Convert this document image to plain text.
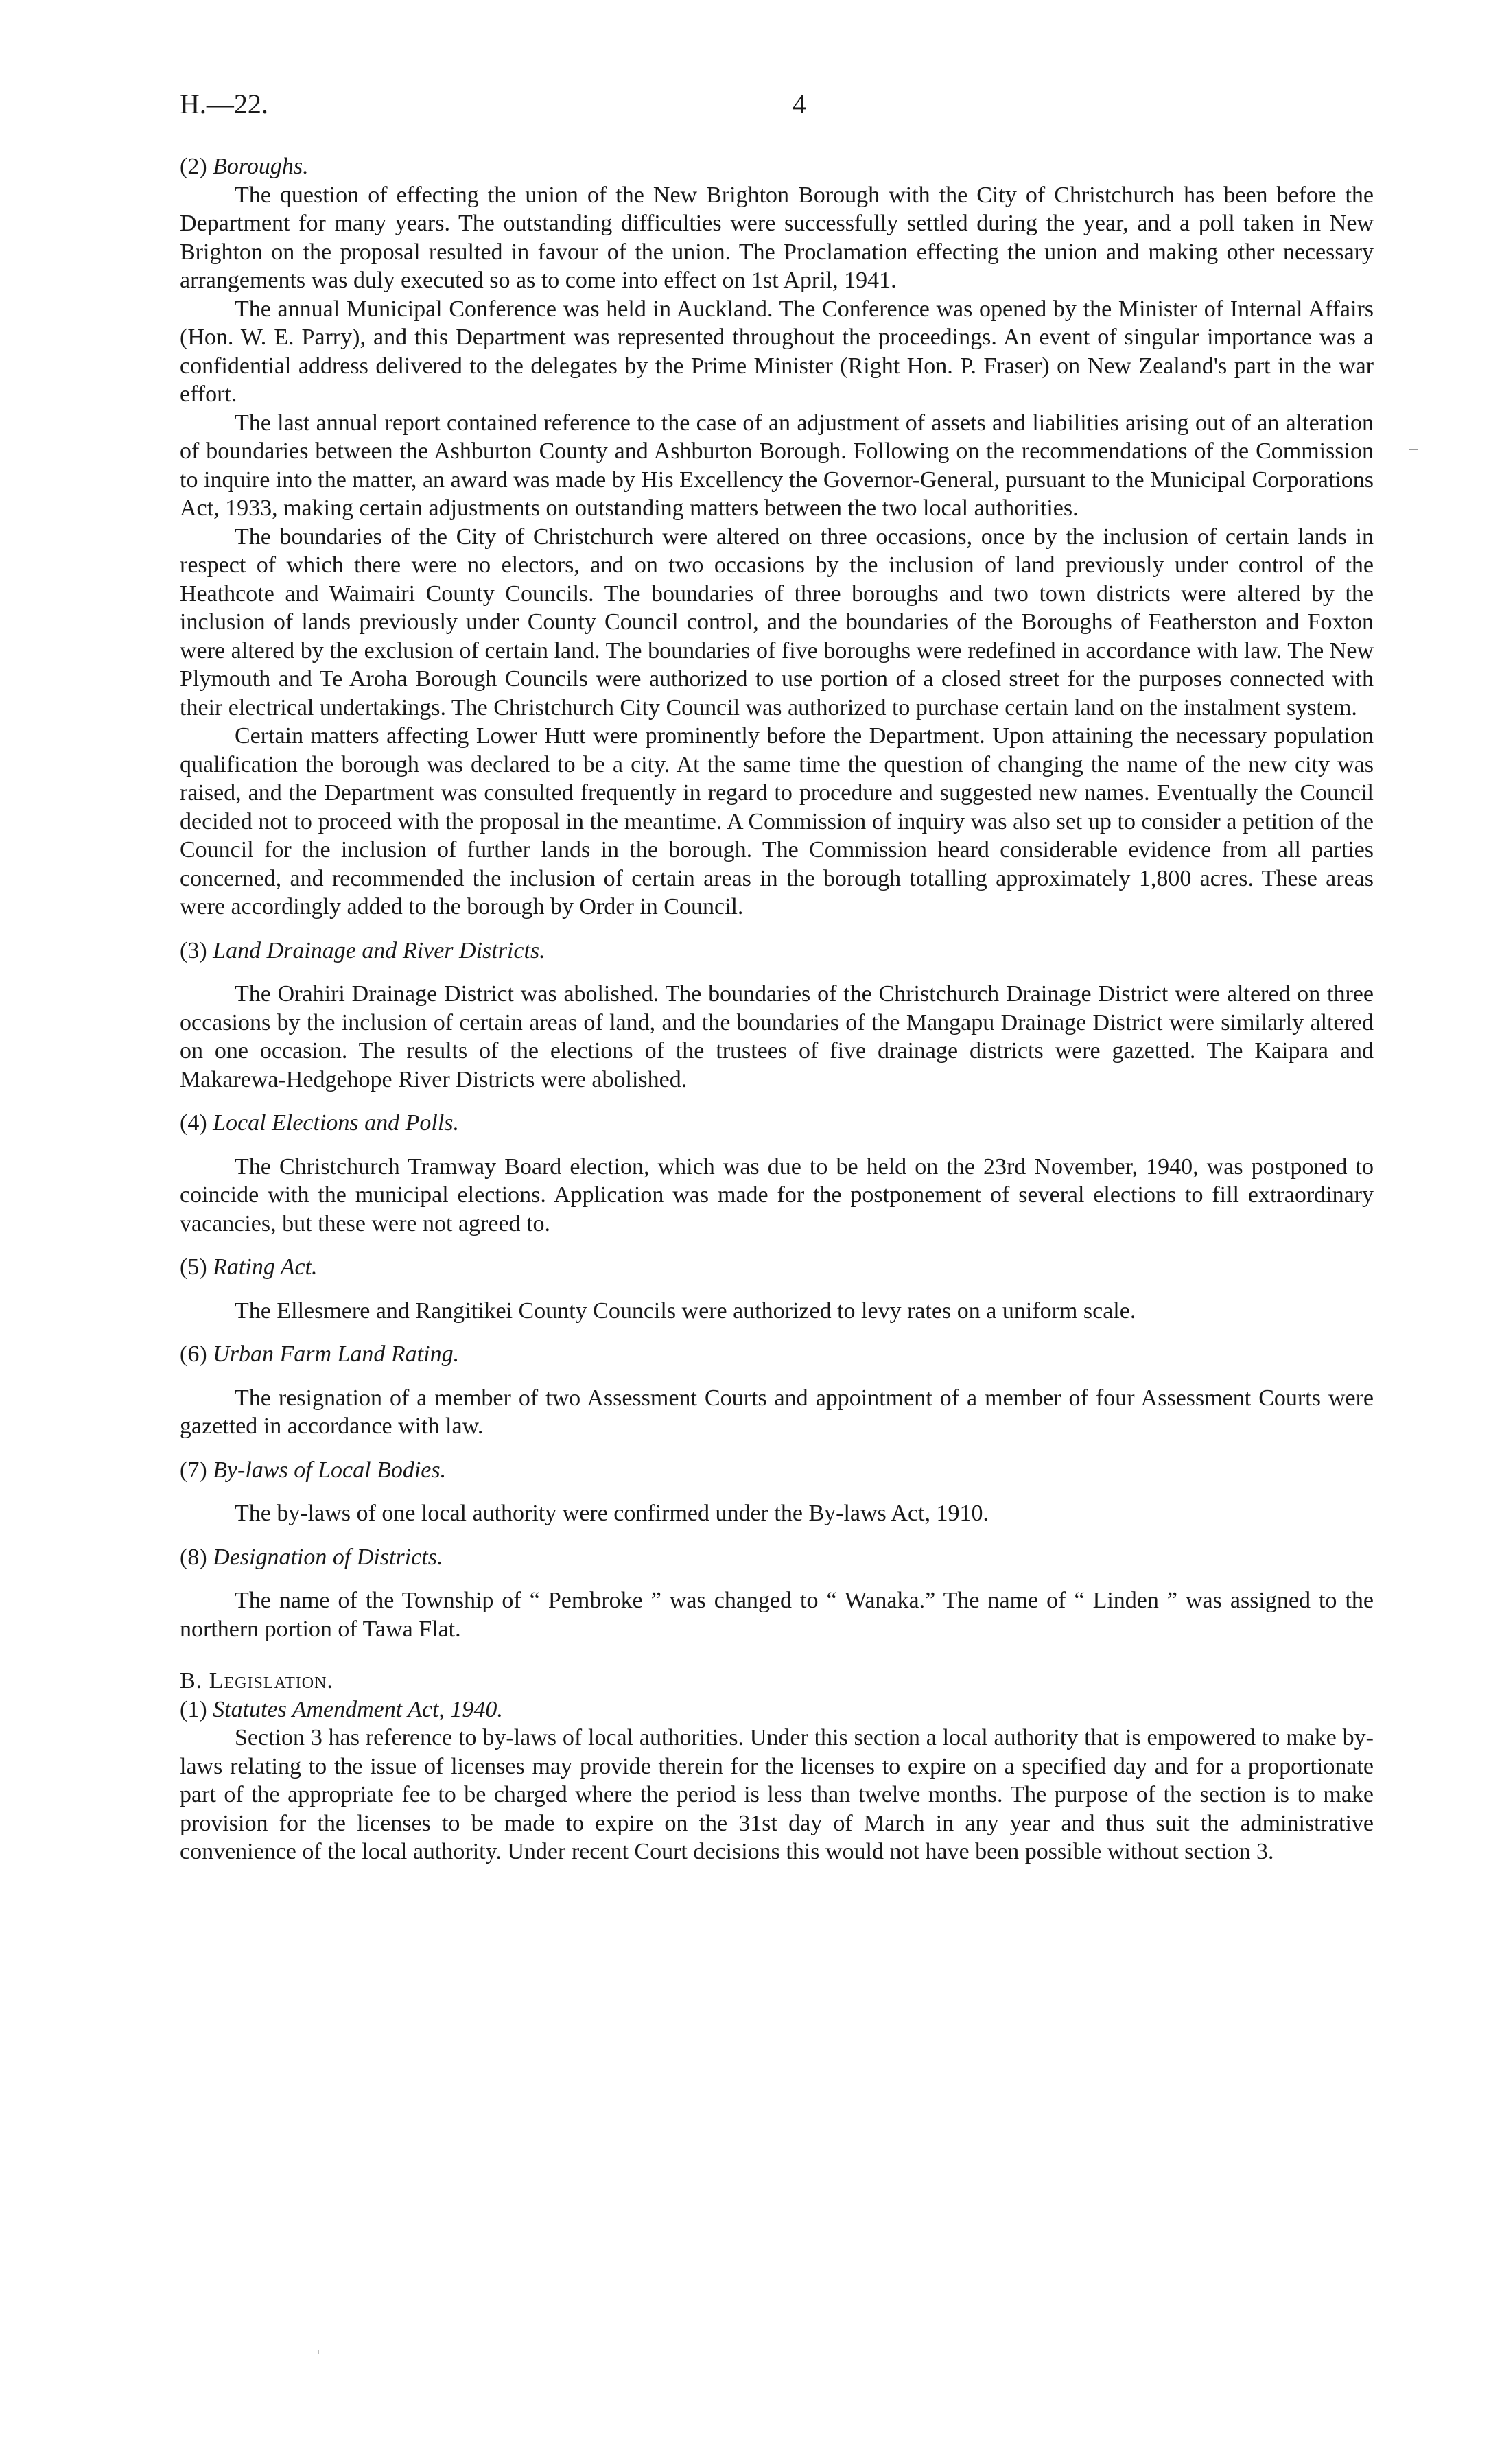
H.—22.	4
(2) Boroughs.

The question of effecting the union of the New Brighton Borough with the City of Christchurch has been before the Department for many years. The outstanding difficulties were successfully settled during the year, and a poll taken in New Brighton on the proposal resulted in favour of the union. The Proclamation effecting the union and making other necessary arrangements was duly executed so as to come into effect on 1st April, 1941.

The annual Municipal Conference was held in Auckland. The Conference was opened by the Minister of Internal Affairs (Hon. W. E. Parry), and this Department was represented throughout the proceedings. An event of singular importance was a confidential address delivered to the delegates by the Prime Minister (Right Hon. P. Fraser) on New Zealand's part in the war effort.

The last annual report contained reference to the case of an adjustment of assets and liabilities arising out of an alteration of boundaries between the Ashburton County and Ashburton Borough. Following on the recommendations of the Commission to inquire into the matter, an award was made by His Excellency the Governor-General, pursuant to the Municipal Corporations Act, 1933, making certain adjustments on outstanding matters between the two local authorities.

The boundaries of the City of Christchurch were altered on three occasions, once by the inclusion of certain lands in respect of which there were no electors, and on two occasions by the inclusion of land previously under control of the Heathcote and Waimairi County Councils. The boundaries of three boroughs and two town districts were altered by the inclusion of lands previously under County Council control, and the boundaries of the Boroughs of Featherston and Foxton were altered by the exclusion of certain land. The boundaries of five boroughs were redefined in accordance with law. The New Plymouth and Te Aroha Borough Councils were authorized to use portion of a closed street for the purposes connected with their electrical undertakings. The Christchurch City Council was authorized to purchase certain land on the instalment system.

Certain matters affecting Lower Hutt were prominently before the Department. Upon attaining the necessary population qualification the borough was declared to be a city. At the same time the question of changing the name of the new city was raised, and the Department was consulted frequently in regard to procedure and suggested new names. Eventually the Council decided not to proceed with the proposal in the meantime. A Commission of inquiry was also set up to consider a petition of the Council for the inclusion of further lands in the borough. The Commission heard considerable evidence from all parties concerned, and recommended the inclusion of certain areas in the borough totalling approximately 1,800 acres. These areas were accordingly added to the borough by Order in Council.

(3) Land Drainage and River Districts.

The Orahiri Drainage District was abolished. The boundaries of the Christchurch Drainage District were altered on three occasions by the inclusion of certain areas of land, and the boundaries of the Mangapu Drainage District were similarly altered on one occasion. The results of the elections of the trustees of five drainage districts were gazetted. The Kaipara and Makarewa-Hedgehope River Districts were abolished.

(4) Local Elections and Polls.

The Christchurch Tramway Board election, which was due to be held on the 23rd November, 1940, was postponed to coincide with the municipal elections. Application was made for the postponement of several elections to fill extraordinary vacancies, but these were not agreed to.

(5) Rating Act.

The Ellesmere and Rangitikei County Councils were authorized to levy rates on a uniform scale.

(6) Urban Farm Land Rating.

The resignation of a member of two Assessment Courts and appointment of a member of four Assessment Courts were gazetted in accordance with law.

(7) By-laws of Local Bodies.

The by-laws of one local authority were confirmed under the By-laws Act, 1910.

(8) Designation of Districts.

The name of the Township of “ Pembroke ” was changed to “ Wanaka.” The name of “ Linden ” was assigned to the northern portion of Tawa Flat.

B. Legislation.
(1) Statutes Amendment Act, 1940.

Section 3 has reference to by-laws of local authorities. Under this section a local authority that is empowered to make by-laws relating to the issue of licenses may provide therein for the licenses to expire on a specified day and for a proportionate part of the appropriate fee to be charged where the period is less than twelve months. The purpose of the section is to make provision for the licenses to be made to expire on the 31st day of March in any year and thus suit the administrative convenience of the local authority. Under recent Court decisions this would not have been possible without section 3.
